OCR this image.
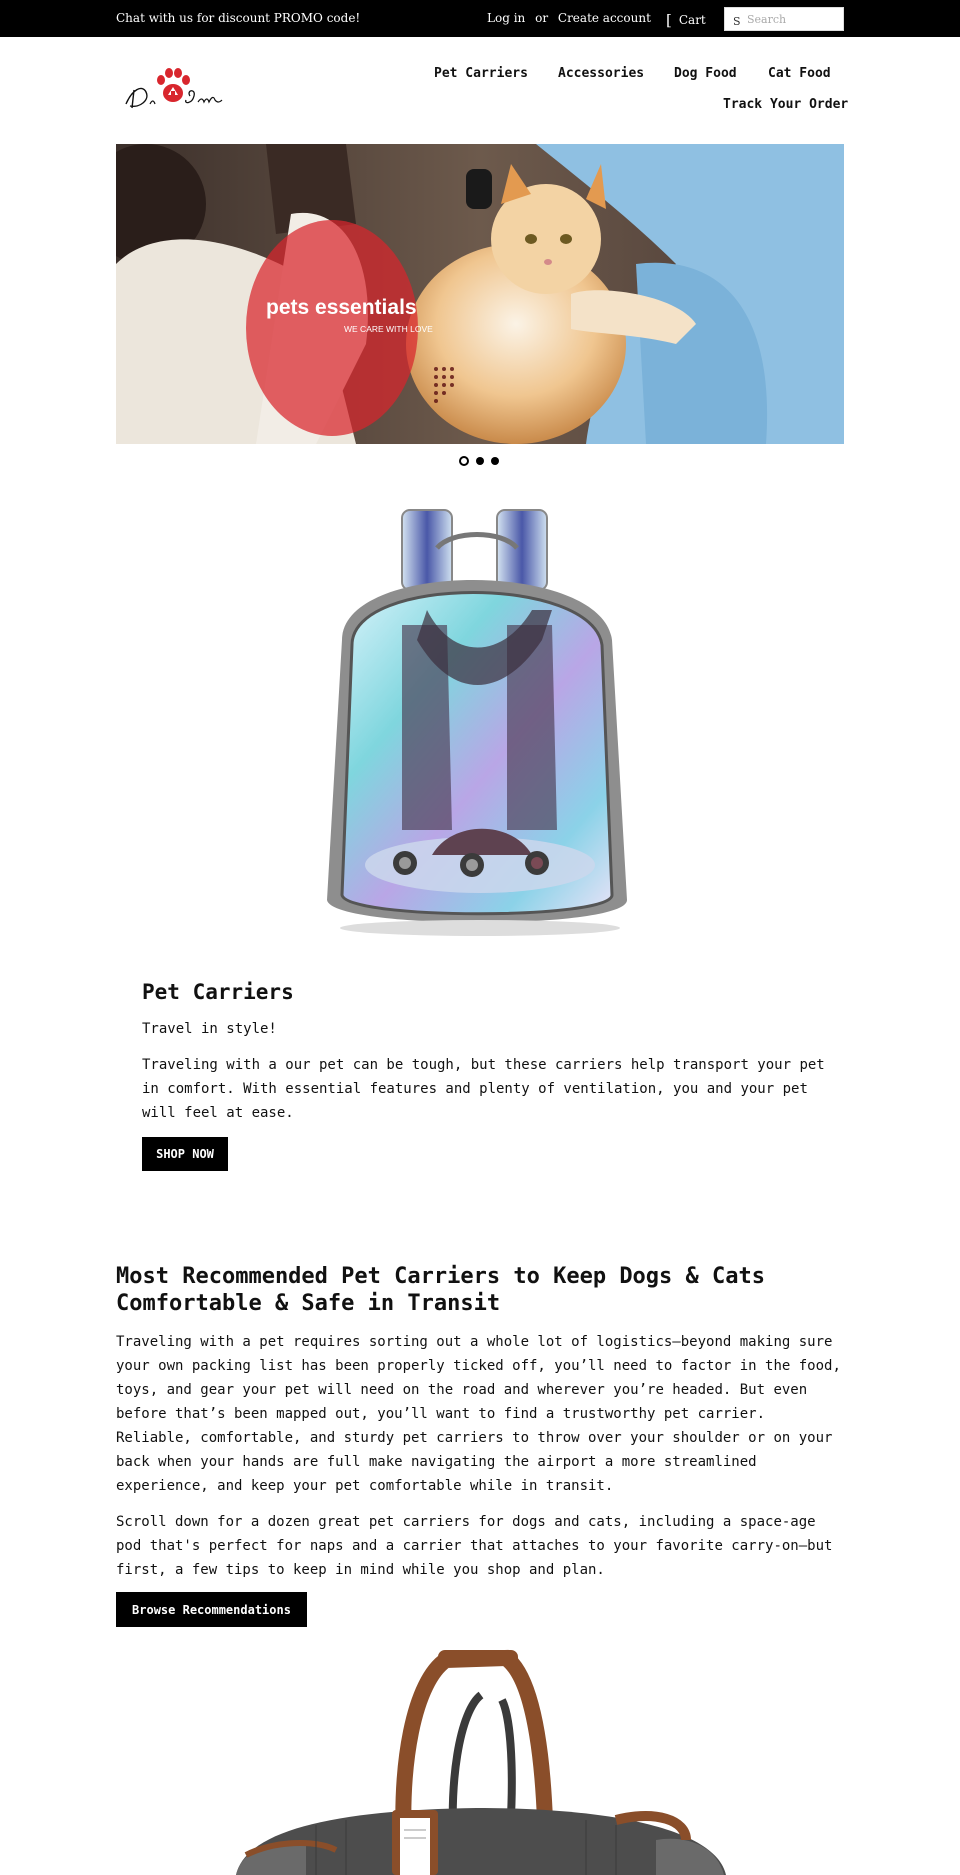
Chat with us for discount PROMO code!	Log in or Create account	[ Cart S
Search
Pet Carriers Accessories Dog Food Cat Food
Track Your Order
pets essentials
WE CARE WITH LOVE
Pet Carriers

Travel in style!

Traveling with a our pet can be tough, but these carriers help transport your pet in comfort. With essential features and plenty of ventilation, you and your pet will feel at ease.

SHOP NOW
Most Recommended Pet Carriers to Keep Dogs & Cats Comfortable & Safe in Transit

Traveling with a pet requires sorting out a whole lot of logistics—beyond making sure your own packing list has been properly ticked off, you’ll need to factor in the food, toys, and gear your pet will need on the road and wherever you’re headed. But even before that’s been mapped out, you’ll want to find a trustworthy pet carrier. Reliable, comfortable, and sturdy pet carriers to throw over your shoulder or on your back when your hands are full make navigating the airport a more streamlined experience, and keep your pet comfortable while in transit.

Scroll down for a dozen great pet carriers for dogs and cats, including a space-age pod that's perfect for naps and a carrier that attaches to your favorite carry-on—but first, a few tips to keep in mind while you shop and plan.

Browse Recommendations
